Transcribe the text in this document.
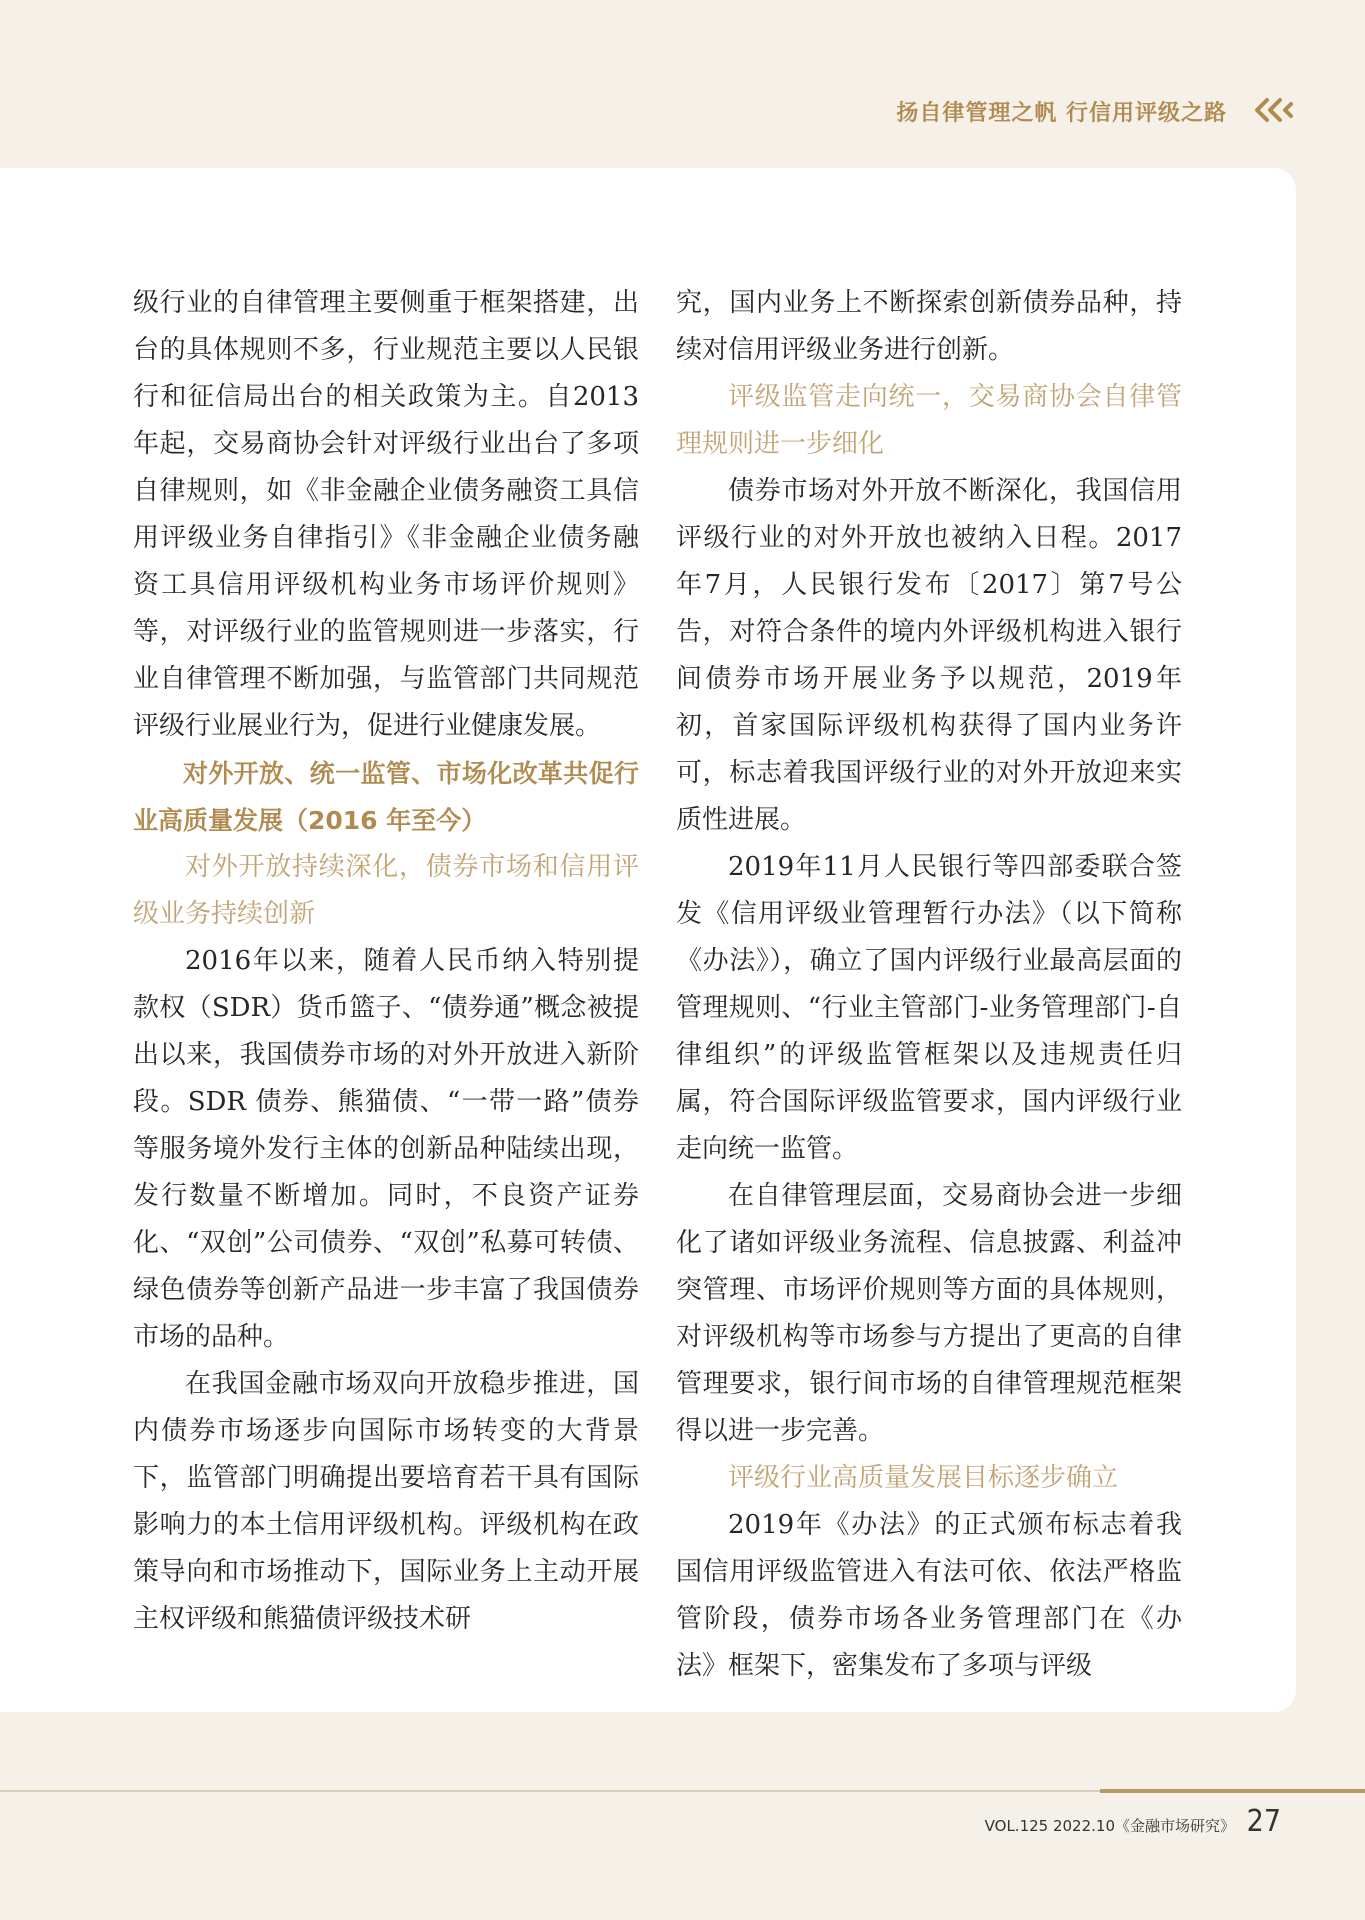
扬自律管理之帆 行信用评级之路

级行业的自律管理主要侧重于框架搭建，出台的具体规则不多，行业规范主要以人民银行和征信局出台的相关政策为主。自2013年起，交易商协会针对评级行业出台了多项自律规则，如《非金融企业债务融资工具信用评级业务自律指引》《非金融企业债务融资工具信用评级机构业务市场评价规则》等，对评级行业的监管规则进一步落实，行业自律管理不断加强，与监管部门共同规范评级行业展业行为，促进行业健康发展。

对外开放、统一监管、市场化改革共促行业高质量发展（2016 年至今）

对外开放持续深化，债券市场和信用评级业务持续创新

2016年以来，随着人民币纳入特别提款权（SDR）货币篮子、“债券通”概念被提出以来，我国债券市场的对外开放进入新阶段。SDR 债券、熊猫债、“一带一路”债券等服务境外发行主体的创新品种陆续出现，发行数量不断增加。同时，不良资产证券化、“双创”公司债券、“双创”私募可转债、绿色债券等创新产品进一步丰富了我国债券市场的品种。

在我国金融市场双向开放稳步推进，国内债券市场逐步向国际市场转变的大背景下，监管部门明确提出要培育若干具有国际影响力的本土信用评级机构。评级机构在政策导向和市场推动下，国际业务上主动开展主权评级和熊猫债评级技术研

究，国内业务上不断探索创新债券品种，持续对信用评级业务进行创新。

评级监管走向统一，交易商协会自律管理规则进一步细化

债券市场对外开放不断深化，我国信用评级行业的对外开放也被纳入日程。2017年7月，人民银行发布〔2017〕第7号公告，对符合条件的境内外评级机构进入银行间债券市场开展业务予以规范，2019年初，首家国际评级机构获得了国内业务许可，标志着我国评级行业的对外开放迎来实质性进展。

2019年11月人民银行等四部委联合签发《信用评级业管理暂行办法》（以下简称《办法》），确立了国内评级行业最高层面的管理规则、“行业主管部门-业务管理部门-自律组织”的评级监管框架以及违规责任归属，符合国际评级监管要求，国内评级行业走向统一监管。

在自律管理层面，交易商协会进一步细化了诸如评级业务流程、信息披露、利益冲突管理、市场评价规则等方面的具体规则，对评级机构等市场参与方提出了更高的自律管理要求，银行间市场的自律管理规范框架得以进一步完善。

评级行业高质量发展目标逐步确立

2019年《办法》的正式颁布标志着我国信用评级监管进入有法可依、依法严格监管阶段，债券市场各业务管理部门在《办法》框架下，密集发布了多项与评级

VOL.125 2022.10《金融市场研究》 27
